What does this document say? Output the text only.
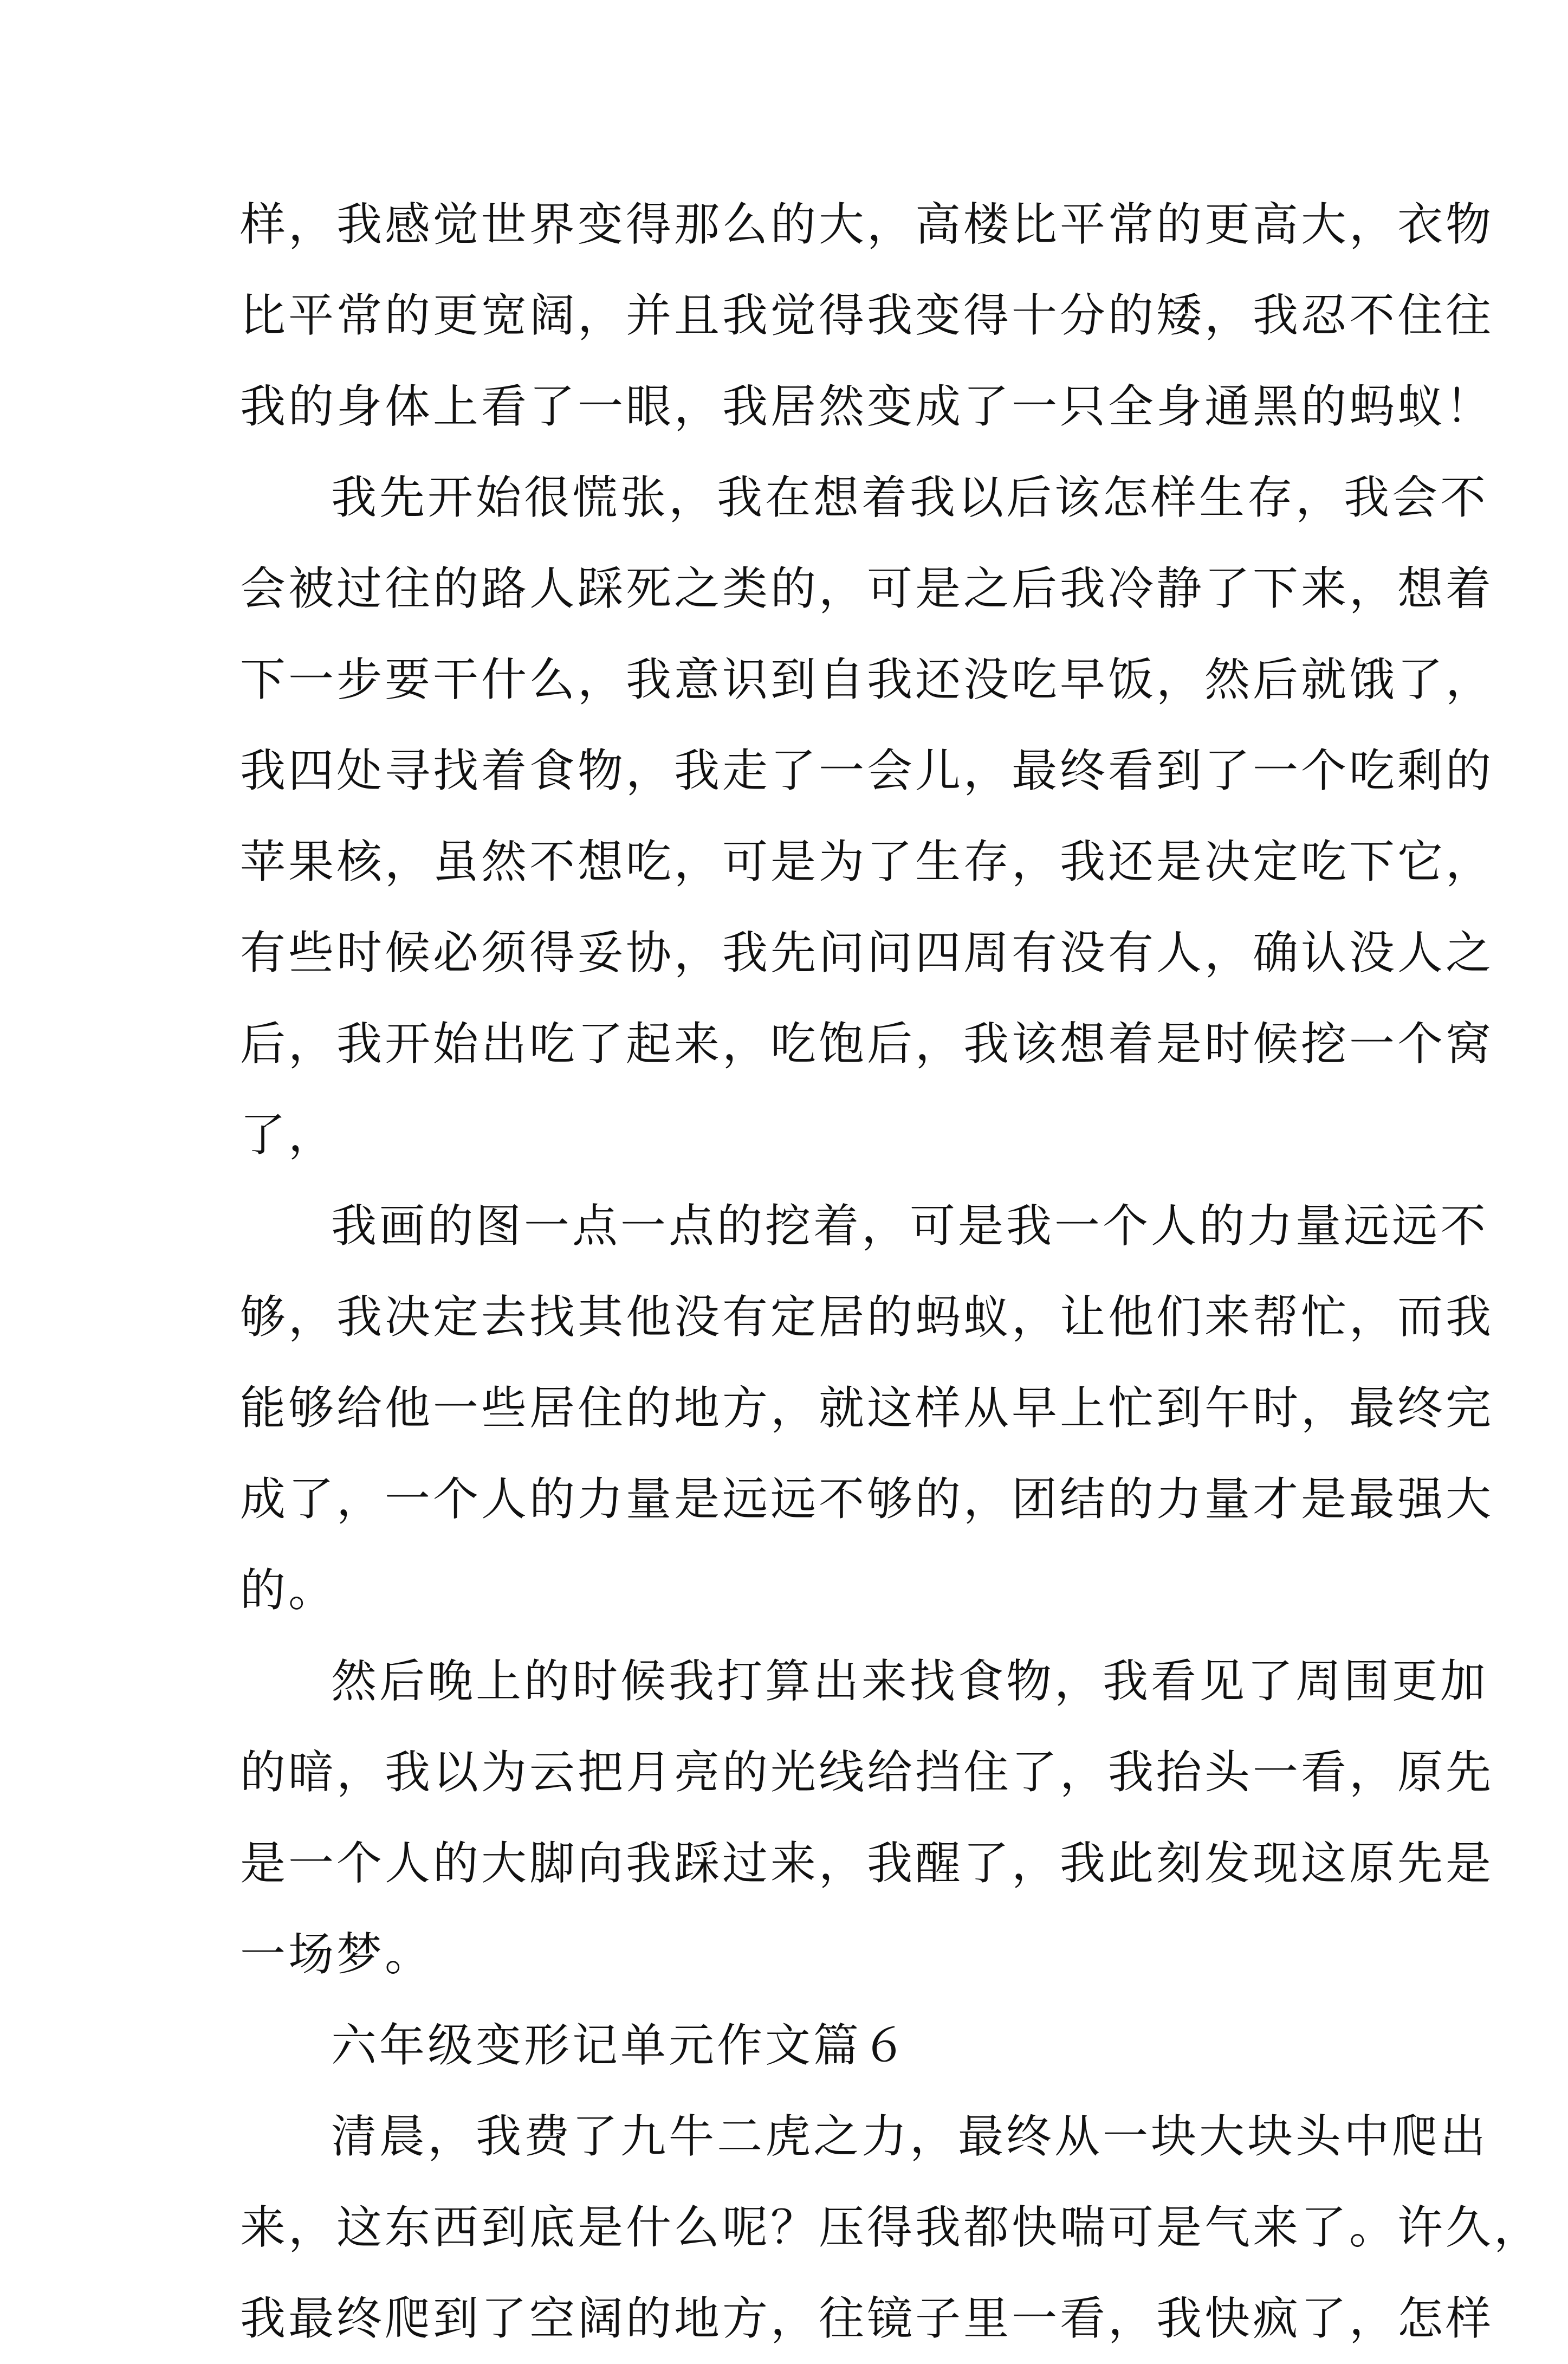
样，我感觉世界变得那么的大，高楼比平常的更高大，衣物
比平常的更宽阔，并且我觉得我变得十分的矮，我忍不住往
我的身体上看了一眼，我居然变成了一只全身通黑的蚂蚁！
我先开始很慌张，我在想着我以后该怎样生存，我会不
会被过往的路人踩死之类的，可是之后我冷静了下来，想着
下一步要干什么，我意识到自我还没吃早饭，然后就饿了，
我四处寻找着食物，我走了一会儿，最终看到了一个吃剩的
苹果核，虽然不想吃，可是为了生存，我还是决定吃下它，
有些时候必须得妥协，我先问问四周有没有人，确认没人之
后，我开始出吃了起来，吃饱后，我该想着是时候挖一个窝
了，
我画的图一点一点的挖着，可是我一个人的力量远远不
够，我决定去找其他没有定居的蚂蚁，让他们来帮忙，而我
能够给他一些居住的地方，就这样从早上忙到午时，最终完
成了，一个人的力量是远远不够的，团结的力量才是最强大
的。
然后晚上的时候我打算出来找食物，我看见了周围更加
的暗，我以为云把月亮的光线给挡住了，我抬头一看，原先
是一个人的大脚向我踩过来，我醒了，我此刻发现这原先是
一场梦。
六年级变形记单元作文篇６
清晨，我费了九牛二虎之力，最终从一块大块头中爬出
来，这东西到底是什么呢？压得我都快喘可是气来了。许久，
我最终爬到了空阔的地方，往镜子里一看，我快疯了，怎样
